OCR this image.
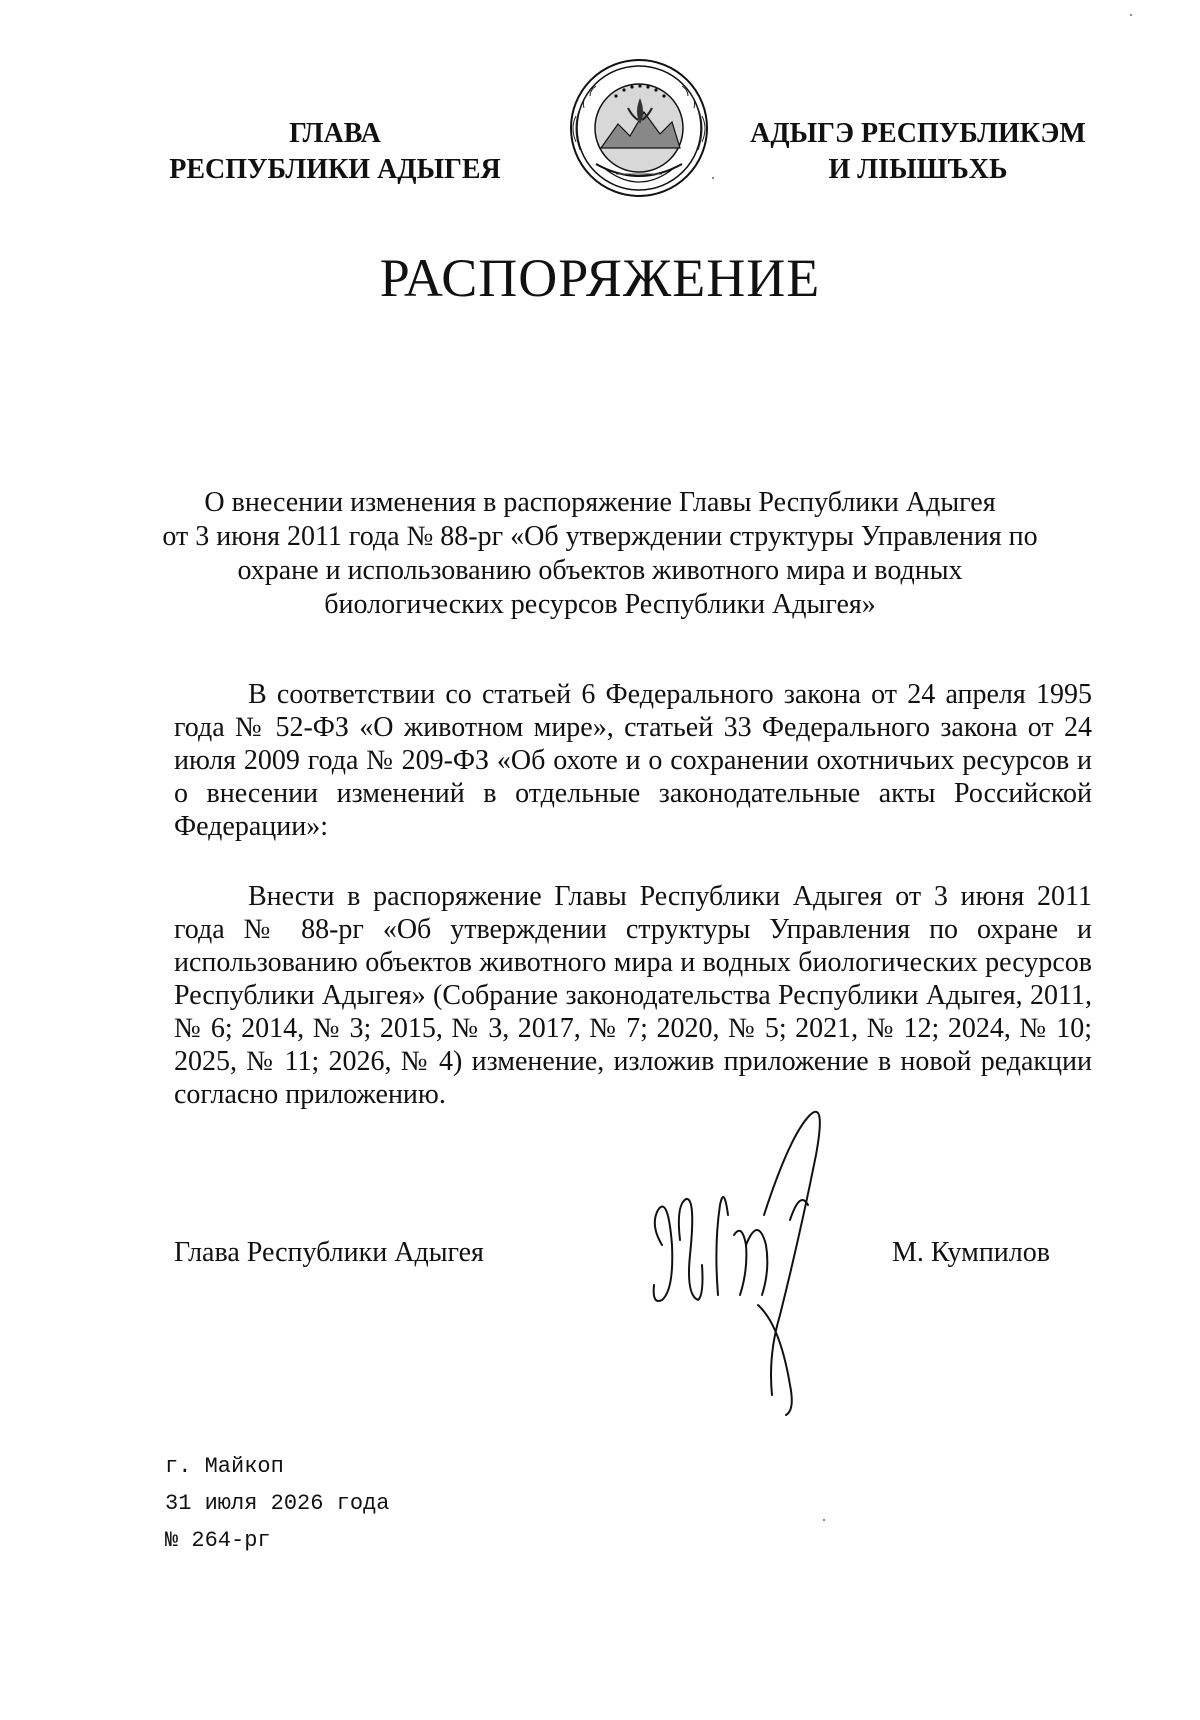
ГЛАВА
РЕСПУБЛИКИ АДЫГЕЯ
АДЫГЭ РЕСПУБЛИКЭМ
И ЛIЫШЪХЬ
РАСПОРЯЖЕНИЕ
О внесении изменения в распоряжение Главы Республики Адыгея
от 3 июня 2011 года № 88-рг «Об утверждении структуры Управления по
охране и использованию объектов животного мира и водных
биологических ресурсов Республики Адыгея»

В соответствии со статьей 6 Федерального закона от 24 апреля 1995 года № 52-ФЗ «О животном мире», статьей 33 Федерального закона от 24 июля 2009 года № 209-ФЗ «Об охоте и о сохранении охотничьих ресурсов и о внесении изменений в отдельные законодательные акты Российской Федерации»:

Внести в распоряжение Главы Республики Адыгея от 3 июня 2011 года № 88-рг «Об утверждении структуры Управления по охране и использованию объектов животного мира и водных биологических ресурсов Республики Адыгея» (Собрание законодательства Республики Адыгея, 2011, № 6; 2014, № 3; 2015, № 3, 2017, № 7; 2020, № 5; 2021, № 12; 2024, № 10; 2025, № 11; 2026, № 4) изменение, изложив приложение в новой редакции согласно приложению.

Глава Республики Адыгея	М. Кумпилов
г. Майкоп
31 июля 2026 года
№ 264-рг
